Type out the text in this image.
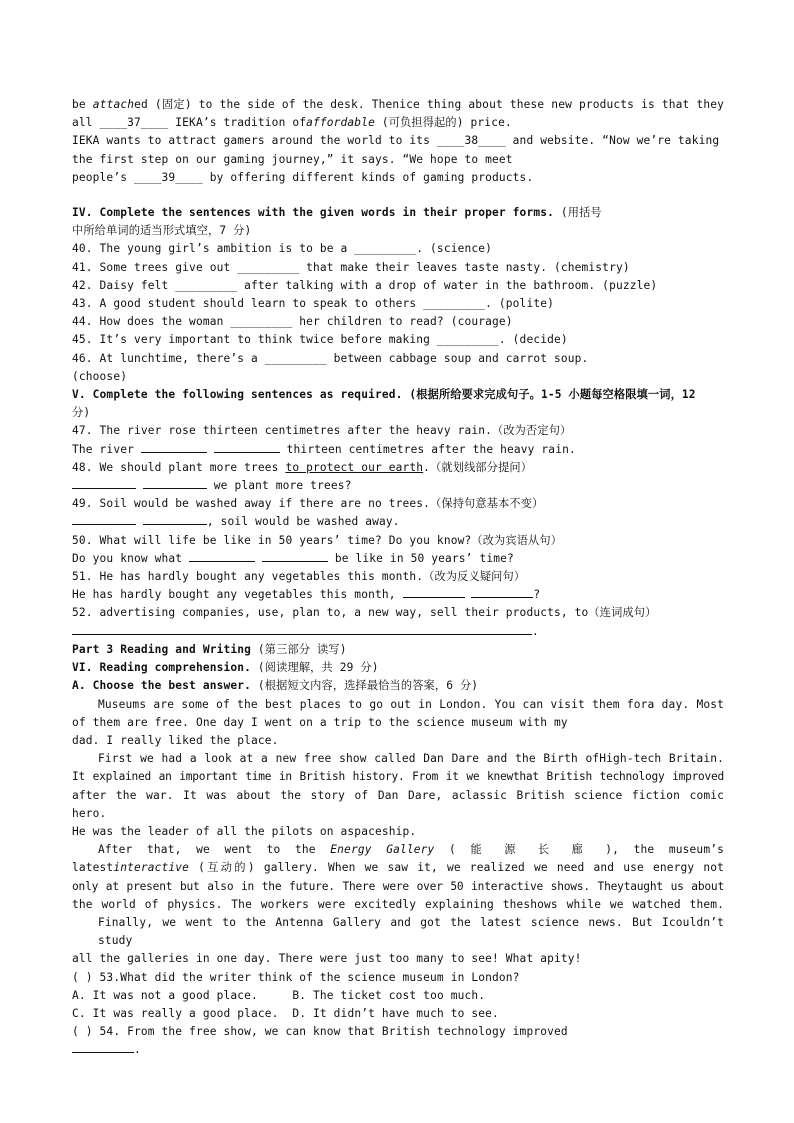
be attached (固定) to the side of the desk. Thenice thing about these new products is that they
all ____37____ IEKA’s tradition ofaffordable (可负担得起的) price.
IEKA wants to attract gamers around the world to its ____38____ and website. “Now we’re taking
the first step on our gaming journey,” it says. “We hope to meet
people’s ____39____ by offering different kinds of gaming products.
IV. Complete the sentences with the given words in their proper forms. (用括号
中所给单词的适当形式填空，7 分)
40. The young girl’s ambition is to be a _________. (science)
41. Some trees give out _________ that make their leaves taste nasty. (chemistry)
42. Daisy felt _________ after talking with a drop of water in the bathroom. (puzzle)
43. A good student should learn to speak to others _________. (polite)
44. How does the woman _________ her children to read? (courage)
45. It’s very important to think twice before making _________. (decide)
46. At lunchtime, there’s a _________ between cabbage soup and carrot soup.
(choose)
V. Complete the following sentences as required. (根据所给要求完成句子。1-5 小题每空格限填一词，12
分)
47. The river rose thirteen centimetres after the heavy rain.（改为否定句）
The river	thirteen centimetres after the heavy rain.
48. We should plant more trees to protect our earth.（就划线部分提问）
we plant more trees?
49. Soil would be washed away if there are no trees.（保持句意基本不变）
, soil would be washed away.
50. What will life be like in 50 years’ time? Do you know?（改为宾语从句）
Do you know what	be like in 50 years’ time?
51. He has hardly bought any vegetables this month.（改为反义疑问句）
He has hardly bought any vegetables this month,	?
52. advertising companies, use, plan to, a new way, sell their products, to（连词成句）
.
Part 3 Reading and Writing (第三部分 读写)
VI. Reading comprehension. (阅读理解，共 29 分)
A. Choose the best answer. (根据短文内容，选择最恰当的答案，6 分)
Museums are some of the best places to go out in London. You can visit them fora day. Most
of them are free. One day I went on a trip to the science museum with my
dad. I really liked the place.
First we had a look at a new free show called Dan Dare and the Birth ofHigh-tech Britain.
It explained an important time in British history. From it we knewthat British technology improved
after the war. It was about the story of Dan Dare, aclassic British science fiction comic hero.
He was the leader of all the pilots on aspaceship.
After that, we went to the Energy Gallery ( 能 源 长 廊 ), the museum’s
latestinteractive (互动的) gallery. When we saw it, we realized we need and use energy not
only at present but also in the future. There were over 50 interactive shows. Theytaught us about
the world of physics. The workers were excitedly explaining theshows while we watched them.
Finally, we went to the Antenna Gallery and got the latest science news. But Icouldn’t study
all the galleries in one day. There were just too many to see! What apity!
( ) 53.What did the writer think of the science museum in London?
A. It was not a good place.	B. The ticket cost too much.
C. It was really a good place. D. It didn’t have much to see.
( ) 54. From the free show, we can know that British technology improved
.
